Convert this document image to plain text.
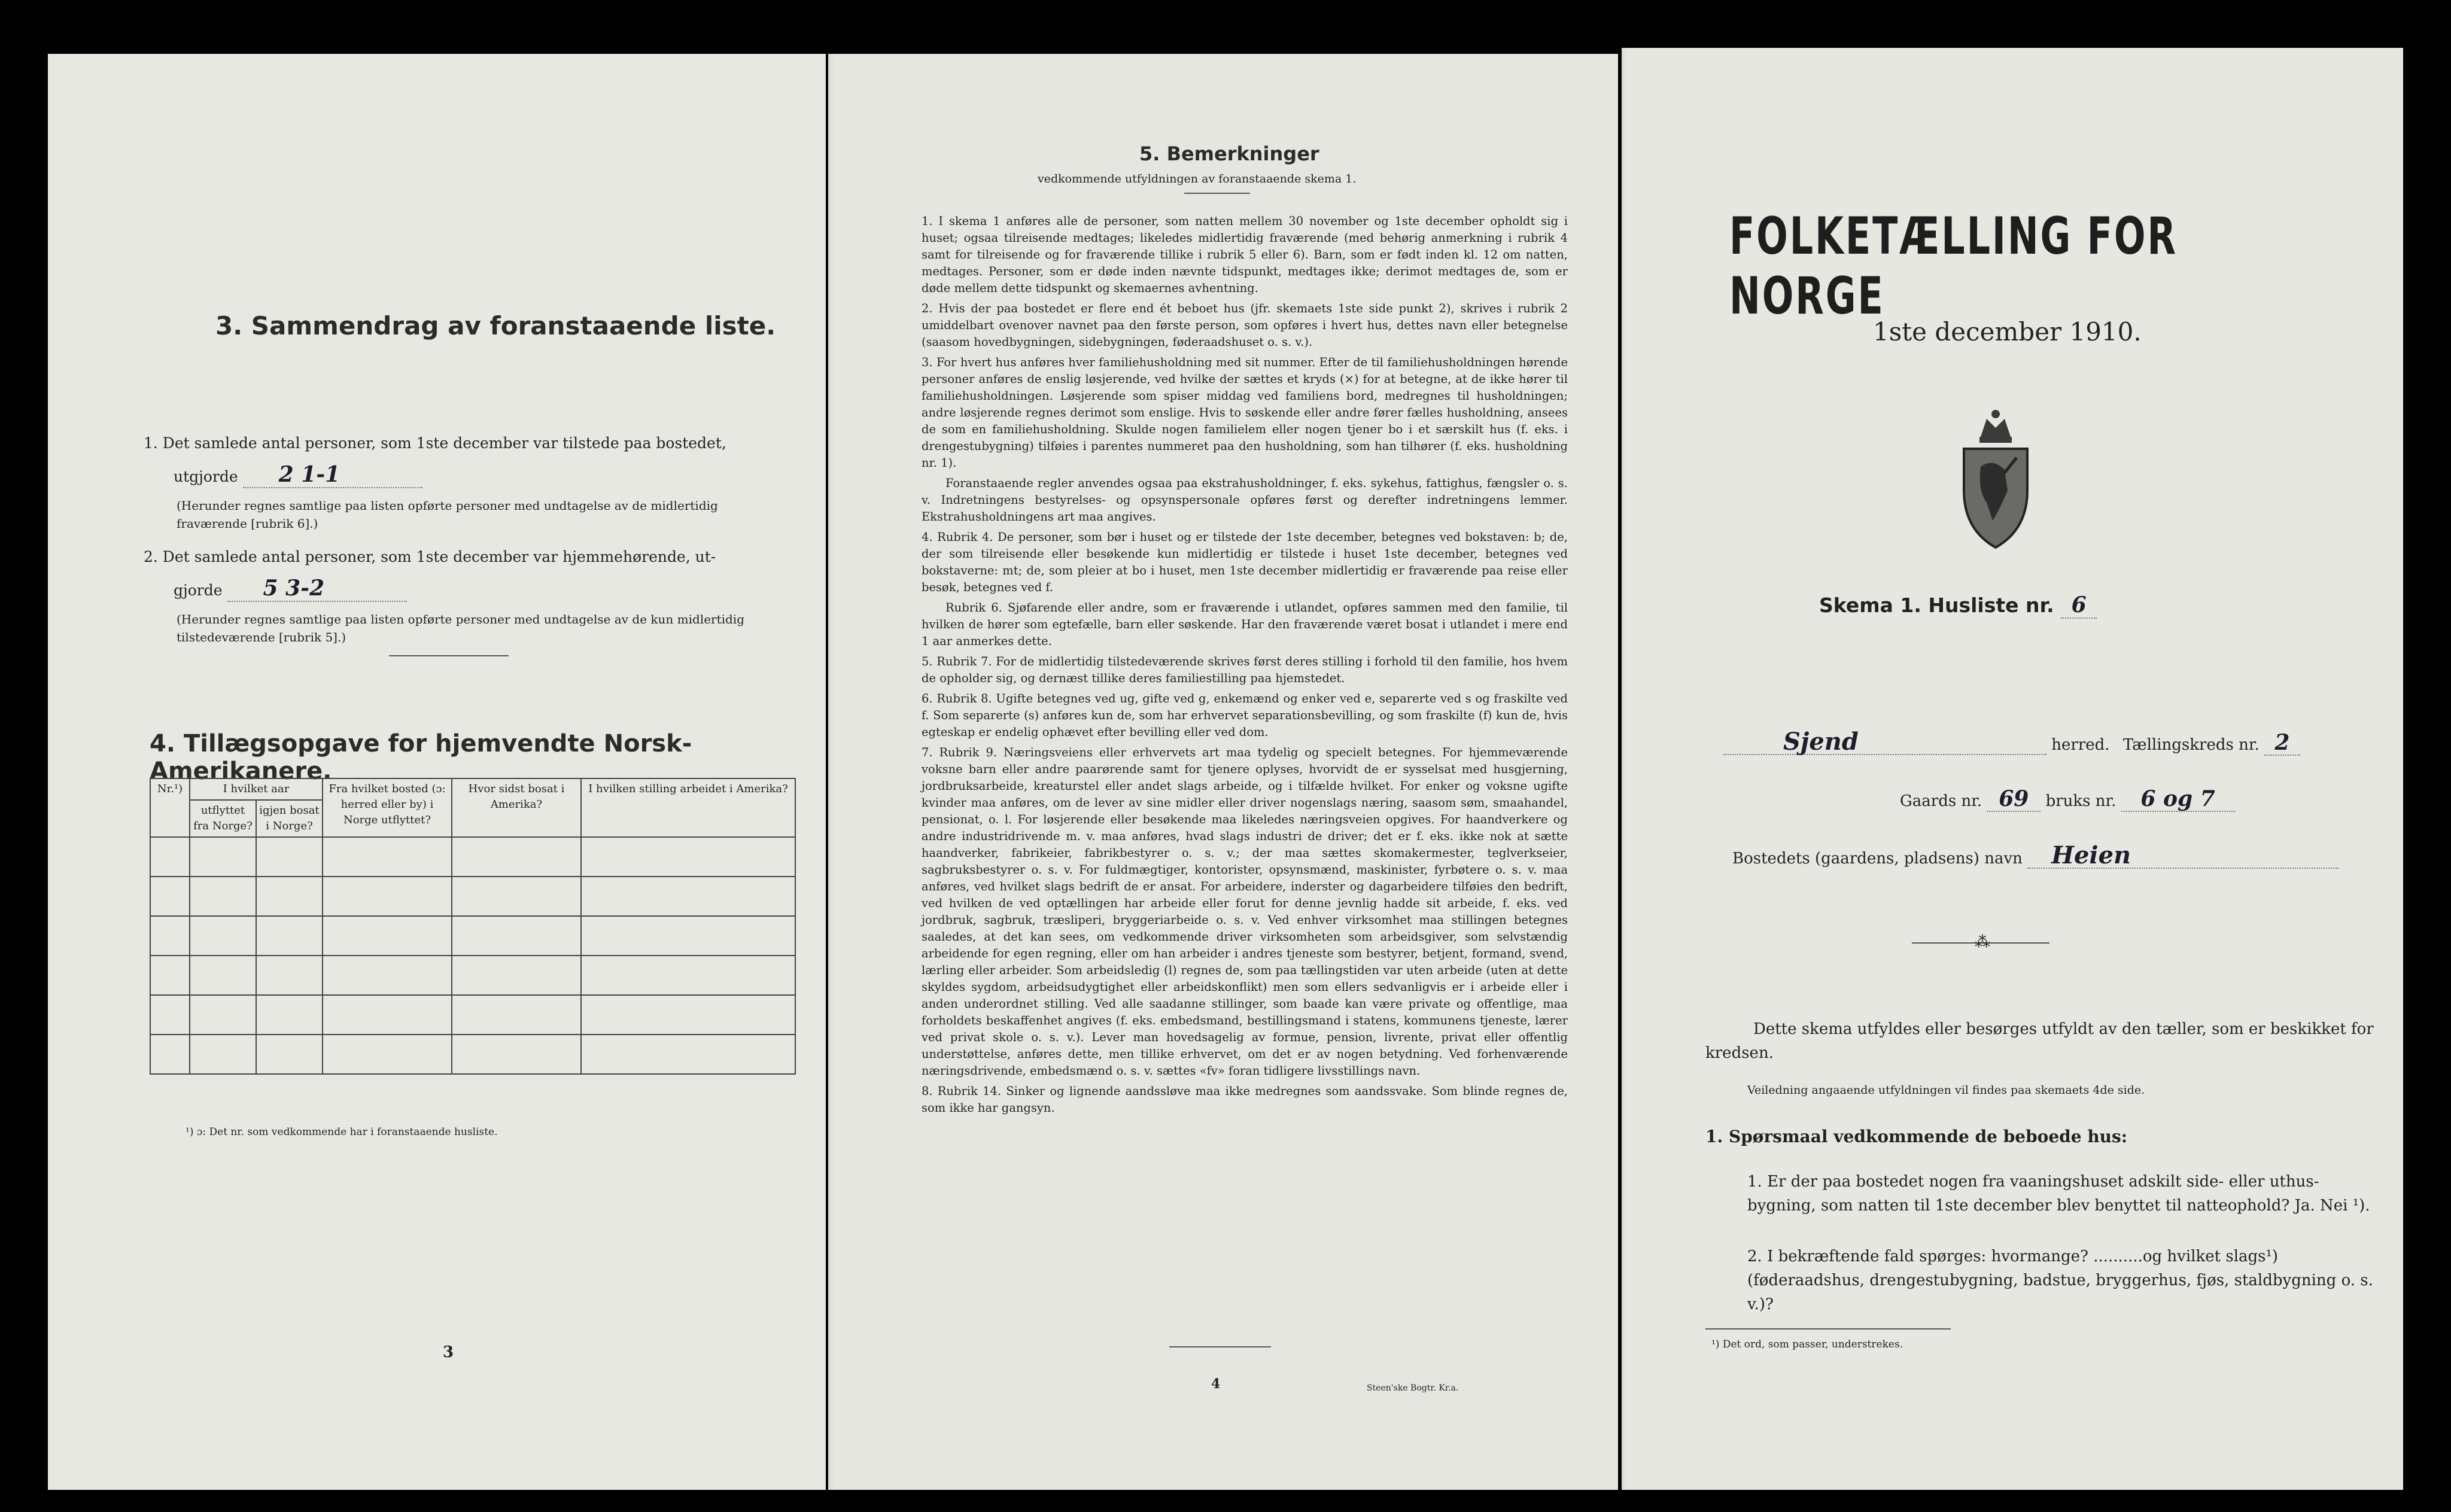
3. Sammendrag av foranstaaende liste.
1. Det samlede antal personer, som 1ste december var tilstede paa bostedet,
utgjorde 2 1-1
(Herunder regnes samtlige paa listen opførte personer med undtagelse av de midlertidig fraværende [rubrik 6].)
2. Det samlede antal personer, som 1ste december var hjemmehørende, ut-
gjorde 5 3-2
(Herunder regnes samtlige paa listen opførte personer med undtagelse av de kun midlertidig tilstedeværende [rubrik 5].)
4. Tillægsopgave for hjemvendte Norsk-Amerikanere.
Nr.¹)	I hvilket aar		Fra hvilket bosted (ɔ: herred eller by) i Norge utflyttet?	Hvor sidst bosat i Amerika?	I hvilken stilling arbeidet i Amerika?
	utflyttet fra Norge?	igjen bosat i Norge?			

¹) ɔ: Det nr. som vedkommende har i foranstaaende husliste.
3
5. Bemerkninger
vedkommende utfyldningen av foranstaaende skema 1.

1. I skema 1 anføres alle de personer, som natten mellem 30 november og 1ste december opholdt sig i huset; ogsaa tilreisende medtages; likeledes midlertidig fraværende (med behørig anmerkning i rubrik 4 samt for tilreisende og for fraværende tillike i rubrik 5 eller 6). Barn, som er født inden kl. 12 om natten, medtages. Personer, som er døde inden nævnte tidspunkt, medtages ikke; derimot medtages de, som er døde mellem dette tidspunkt og skemaernes avhentning.

2. Hvis der paa bostedet er flere end ét beboet hus (jfr. skemaets 1ste side punkt 2), skrives i rubrik 2 umiddelbart ovenover navnet paa den første person, som opføres i hvert hus, dettes navn eller betegnelse (saasom hovedbygningen, sidebygningen, føderaadshuset o. s. v.).

3. For hvert hus anføres hver familiehusholdning med sit nummer. Efter de til familiehusholdningen hørende personer anføres de enslig løsjerende, ved hvilke der sættes et kryds (×) for at betegne, at de ikke hører til familiehusholdningen. Løsjerende som spiser middag ved familiens bord, medregnes til husholdningen; andre løsjerende regnes derimot som enslige. Hvis to søskende eller andre fører fælles husholdning, ansees de som en familiehusholdning. Skulde nogen familielem eller nogen tjener bo i et særskilt hus (f. eks. i drengestubygning) tilføies i parentes nummeret paa den husholdning, som han tilhører (f. eks. husholdning nr. 1).

Foranstaaende regler anvendes ogsaa paa ekstrahusholdninger, f. eks. sykehus, fattighus, fængsler o. s. v. Indretningens bestyrelses- og opsynspersonale opføres først og derefter indretningens lemmer. Ekstrahusholdningens art maa angives.

4. Rubrik 4. De personer, som bør i huset og er tilstede der 1ste december, betegnes ved bokstaven: b; de, der som tilreisende eller besøkende kun midlertidig er tilstede i huset 1ste december, betegnes ved bokstaverne: mt; de, som pleier at bo i huset, men 1ste december midlertidig er fraværende paa reise eller besøk, betegnes ved f.

Rubrik 6. Sjøfarende eller andre, som er fraværende i utlandet, opføres sammen med den familie, til hvilken de hører som egtefælle, barn eller søskende. Har den fraværende været bosat i utlandet i mere end 1 aar anmerkes dette.

5. Rubrik 7. For de midlertidig tilstedeværende skrives først deres stilling i forhold til den familie, hos hvem de opholder sig, og dernæst tillike deres familiestilling paa hjemstedet.

6. Rubrik 8. Ugifte betegnes ved ug, gifte ved g, enkemænd og enker ved e, separerte ved s og fraskilte ved f. Som separerte (s) anføres kun de, som har erhvervet separationsbevilling, og som fraskilte (f) kun de, hvis egteskap er endelig ophævet efter bevilling eller ved dom.

7. Rubrik 9. Næringsveiens eller erhvervets art maa tydelig og specielt betegnes. For hjemmeværende voksne barn eller andre paarørende samt for tjenere oplyses, hvorvidt de er sysselsat med husgjerning, jordbruksarbeide, kreaturstel eller andet slags arbeide, og i tilfælde hvilket. For enker og voksne ugifte kvinder maa anføres, om de lever av sine midler eller driver nogenslags næring, saasom søm, smaahandel, pensionat, o. l. For løsjerende eller besøkende maa likeledes næringsveien opgives. For haandverkere og andre industridrivende m. v. maa anføres, hvad slags industri de driver; det er f. eks. ikke nok at sætte haandverker, fabrikeier, fabrikbestyrer o. s. v.; der maa sættes skomakermester, teglverkseier, sagbruksbestyrer o. s. v. For fuldmægtiger, kontorister, opsynsmænd, maskinister, fyrbøtere o. s. v. maa anføres, ved hvilket slags bedrift de er ansat. For arbeidere, inderster og dagarbeidere tilføies den bedrift, ved hvilken de ved optællingen har arbeide eller forut for denne jevnlig hadde sit arbeide, f. eks. ved jordbruk, sagbruk, træsliperi, bryggeriarbeide o. s. v. Ved enhver virksomhet maa stillingen betegnes saaledes, at det kan sees, om vedkommende driver virksomheten som arbeidsgiver, som selvstændig arbeidende for egen regning, eller om han arbeider i andres tjeneste som bestyrer, betjent, formand, svend, lærling eller arbeider. Som arbeidsledig (l) regnes de, som paa tællingstiden var uten arbeide (uten at dette skyldes sygdom, arbeidsudygtighet eller arbeidskonflikt) men som ellers sedvanligvis er i arbeide eller i anden underordnet stilling. Ved alle saadanne stillinger, som baade kan være private og offentlige, maa forholdets beskaffenhet angives (f. eks. embedsmand, bestillingsmand i statens, kommunens tjeneste, lærer ved privat skole o. s. v.). Lever man hovedsagelig av formue, pension, livrente, privat eller offentlig understøttelse, anføres dette, men tillike erhvervet, om det er av nogen betydning. Ved forhenværende næringsdrivende, embedsmænd o. s. v. sættes «fv» foran tidligere livsstillings navn.

8. Rubrik 14. Sinker og lignende aandssløve maa ikke medregnes som aandssvake. Som blinde regnes de, som ikke har gangsyn.

4	Steen'ske Bogtr. Kr.a.
FOLKETÆLLING FOR NORGE
1ste december 1910.
Skema 1. Husliste nr. 6
Sjend	herred. Tællingskreds nr. 2
Gaards nr. 69 bruks nr. 6 og 7
Bostedets (gaardens, pladsens) navn Heien
⁂
Dette skema utfyldes eller besørges utfyldt av den tæller, som er beskikket for kredsen.
Veiledning angaaende utfyldningen vil findes paa skemaets 4de side.
1. Spørsmaal vedkommende de beboede hus:
1. Er der paa bostedet nogen fra vaaningshuset adskilt side- eller uthus-bygning, som natten til 1ste december blev benyttet til natteophold? Ja. Nei ¹).
2. I bekræftende fald spørges: hvormange? ..........og hvilket slags¹) (føderaadshus, drengestubygning, badstue, bryggerhus, fjøs, staldbygning o. s. v.)?
¹) Det ord, som passer, understrekes.
